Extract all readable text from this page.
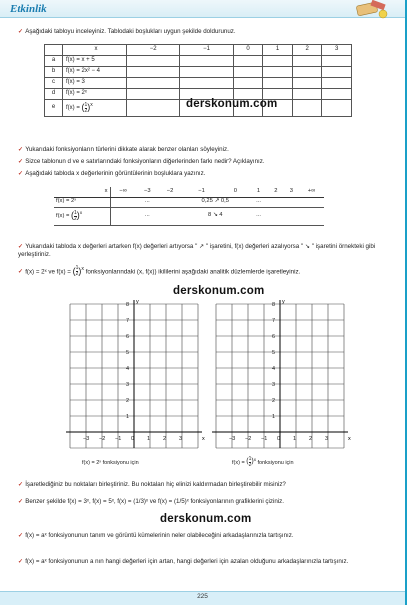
Etkinlik
✓ Aşağıdaki tabloyu inceleyiniz. Tablodaki boşlukları uygun şekilde doldurunuz.
	x	−2	−1	0	1	2	3
a	f(x) = x + 5						
b	f(x) = 2x² − 4						
c	f(x) = 3						
d	f(x) = 2ˣ						
e	f(x) = ( $\frac{1}{2} )^x$							derskonum.com
✓ Yukarıdaki fonksiyonların türlerini dikkate alarak benzer olanları söyleyiniz.
✓ Sizce tablonun d ve e satırlarındaki fonksiyonların diğerlerinden farkı nedir? Açıklayınız.
✓ Aşağıdaki tabloda x değerlerinin görüntülerinin boşluklara yazınız.
x	−∞	−3	−2	−1	0	1	2	3	+∞
f(x) = 2ˣ		...		0,25 ↗ 0,5		...			
f(x) = ( $\frac{1}{2} )^x$		...		8 ↘ 4		...			
✓ Yukarıdaki tabloda x değerleri artarken f(x) değerleri artıyorsa " ↗ " işaretini, f(x) değerleri azalıyorsa " ↘ " işaretini örnekteki gibi yerleştiriniz.
✓ f(x) = 2ˣ ve f(x) = ( $\frac{1}{2} )^x$ fonksiyonlarındaki (x, f(x)) ikililerini aşağıdaki analitik düzlemlerde işaretleyiniz.
derskonum.com
−3 −2 −1 0 1 2 3	x
1
2
3
4
5
6
7
8 y
−3 −2 −1 0 1 2 3	x
1
2
3
4
5
6
7
8 y
f(x) = 2ˣ fonksiyonu için	f(x) = ( $\frac{1}{2} )^x$ fonksiyonu için
✓ İşaretlediğiniz bu noktaları birleştiriniz. Bu noktaları hiç elinizi kaldırmadan birleştirebilir misiniz?
✓ Benzer şekilde f(x) = 3ˣ, f(x) = 5ˣ, f(x) = (1/3)ˣ ve f(x) = (1/5)ˣ fonksiyonlarının grafiklerini çiziniz.
derskonum.com
✓ f(x) = aˣ fonksiyonunun tanım ve görüntü kümelerinin neler olabileceğini arkadaşlarınızla tartışınız.
✓ f(x) = aˣ fonksiyonunun a nın hangi değerleri için artan, hangi değerleri için azalan olduğunu arkadaşlarınızla tartışınız.
225
